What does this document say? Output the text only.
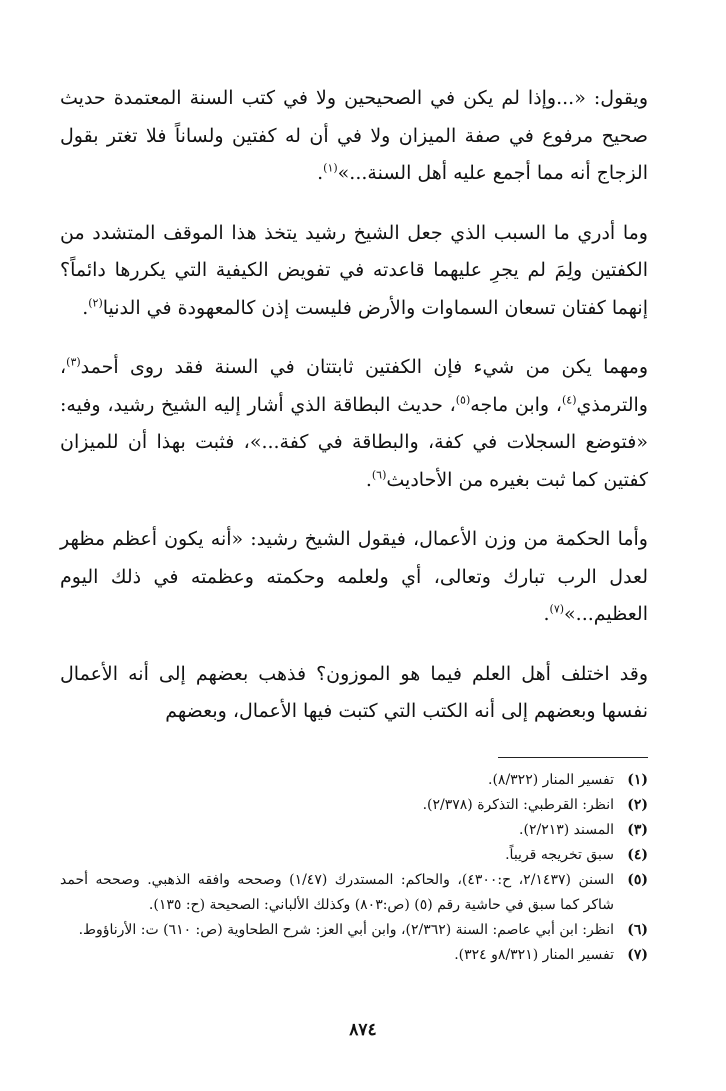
ويقول: «...وإذا لم يكن في الصحيحين ولا في كتب السنة المعتمدة حديث صحيح مرفوع في صفة الميزان ولا في أن له كفتين ولساناً فلا تغتر بقول الزجاج أنه مما أجمع عليه أهل السنة...»$^{(١)}$.

وما أدري ما السبب الذي جعل الشيخ رشيد يتخذ هذا الموقف المتشدد من الكفتين ولِمَ لم يجرِ عليهما قاعدته في تفويض الكيفية التي يكررها دائماً؟ إنهما كفتان تسعان السماوات والأرض فليست إذن كالمعهودة في الدنيا$^{(٢)}$.

ومهما يكن من شيء فإن الكفتين ثابتتان في السنة فقد روى أحمد$^{(٣)}$، والترمذي$^{(٤)}$، وابن ماجه$^{(٥)}$، حديث البطاقة الذي أشار إليه الشيخ رشيد، وفيه: «فتوضع السجلات في كفة، والبطاقة في كفة...»، فثبت بهذا أن للميزان كفتين كما ثبت بغيره من الأحاديث$^{(٦)}$.

وأما الحكمة من وزن الأعمال، فيقول الشيخ رشيد: «أنه يكون أعظم مظهر لعدل الرب تبارك وتعالى، أي ولعلمه وحكمته وعظمته في ذلك اليوم العظيم...»$^{(٧)}$.

وقد اختلف أهل العلم فيما هو الموزون؟ فذهب بعضهم إلى أنه الأعمال نفسها وبعضهم إلى أنه الكتب التي كتبت فيها الأعمال، وبعضهم

(١)
تفسير المنار (٨/٣٢٢).
(٢)
انظر: القرطبي: التذكرة (٢/٣٧٨).
(٣)
المسند (٢/٢١٣).
(٤)
سبق تخريجه قريباً.
(٥)
السنن (٢/١٤٣٧، ح:٤٣٠٠)، والحاكم: المستدرك (١/٤٧) وصححه وافقه الذهبي. وصححه أحمد شاكر كما سبق في حاشية رقم (٥) (ص:٨٠٣) وكذلك الألباني: الصحيحة (ح: ١٣٥).
(٦)
انظر: ابن أبي عاصم: السنة (٢/٣٦٢)، وابن أبي العز: شرح الطحاوية (ص: ٦١٠) ت: الأرناؤوط.
(٧)
تفسير المنار (٨/٣٢١و ٣٢٤).
٨٧٤
